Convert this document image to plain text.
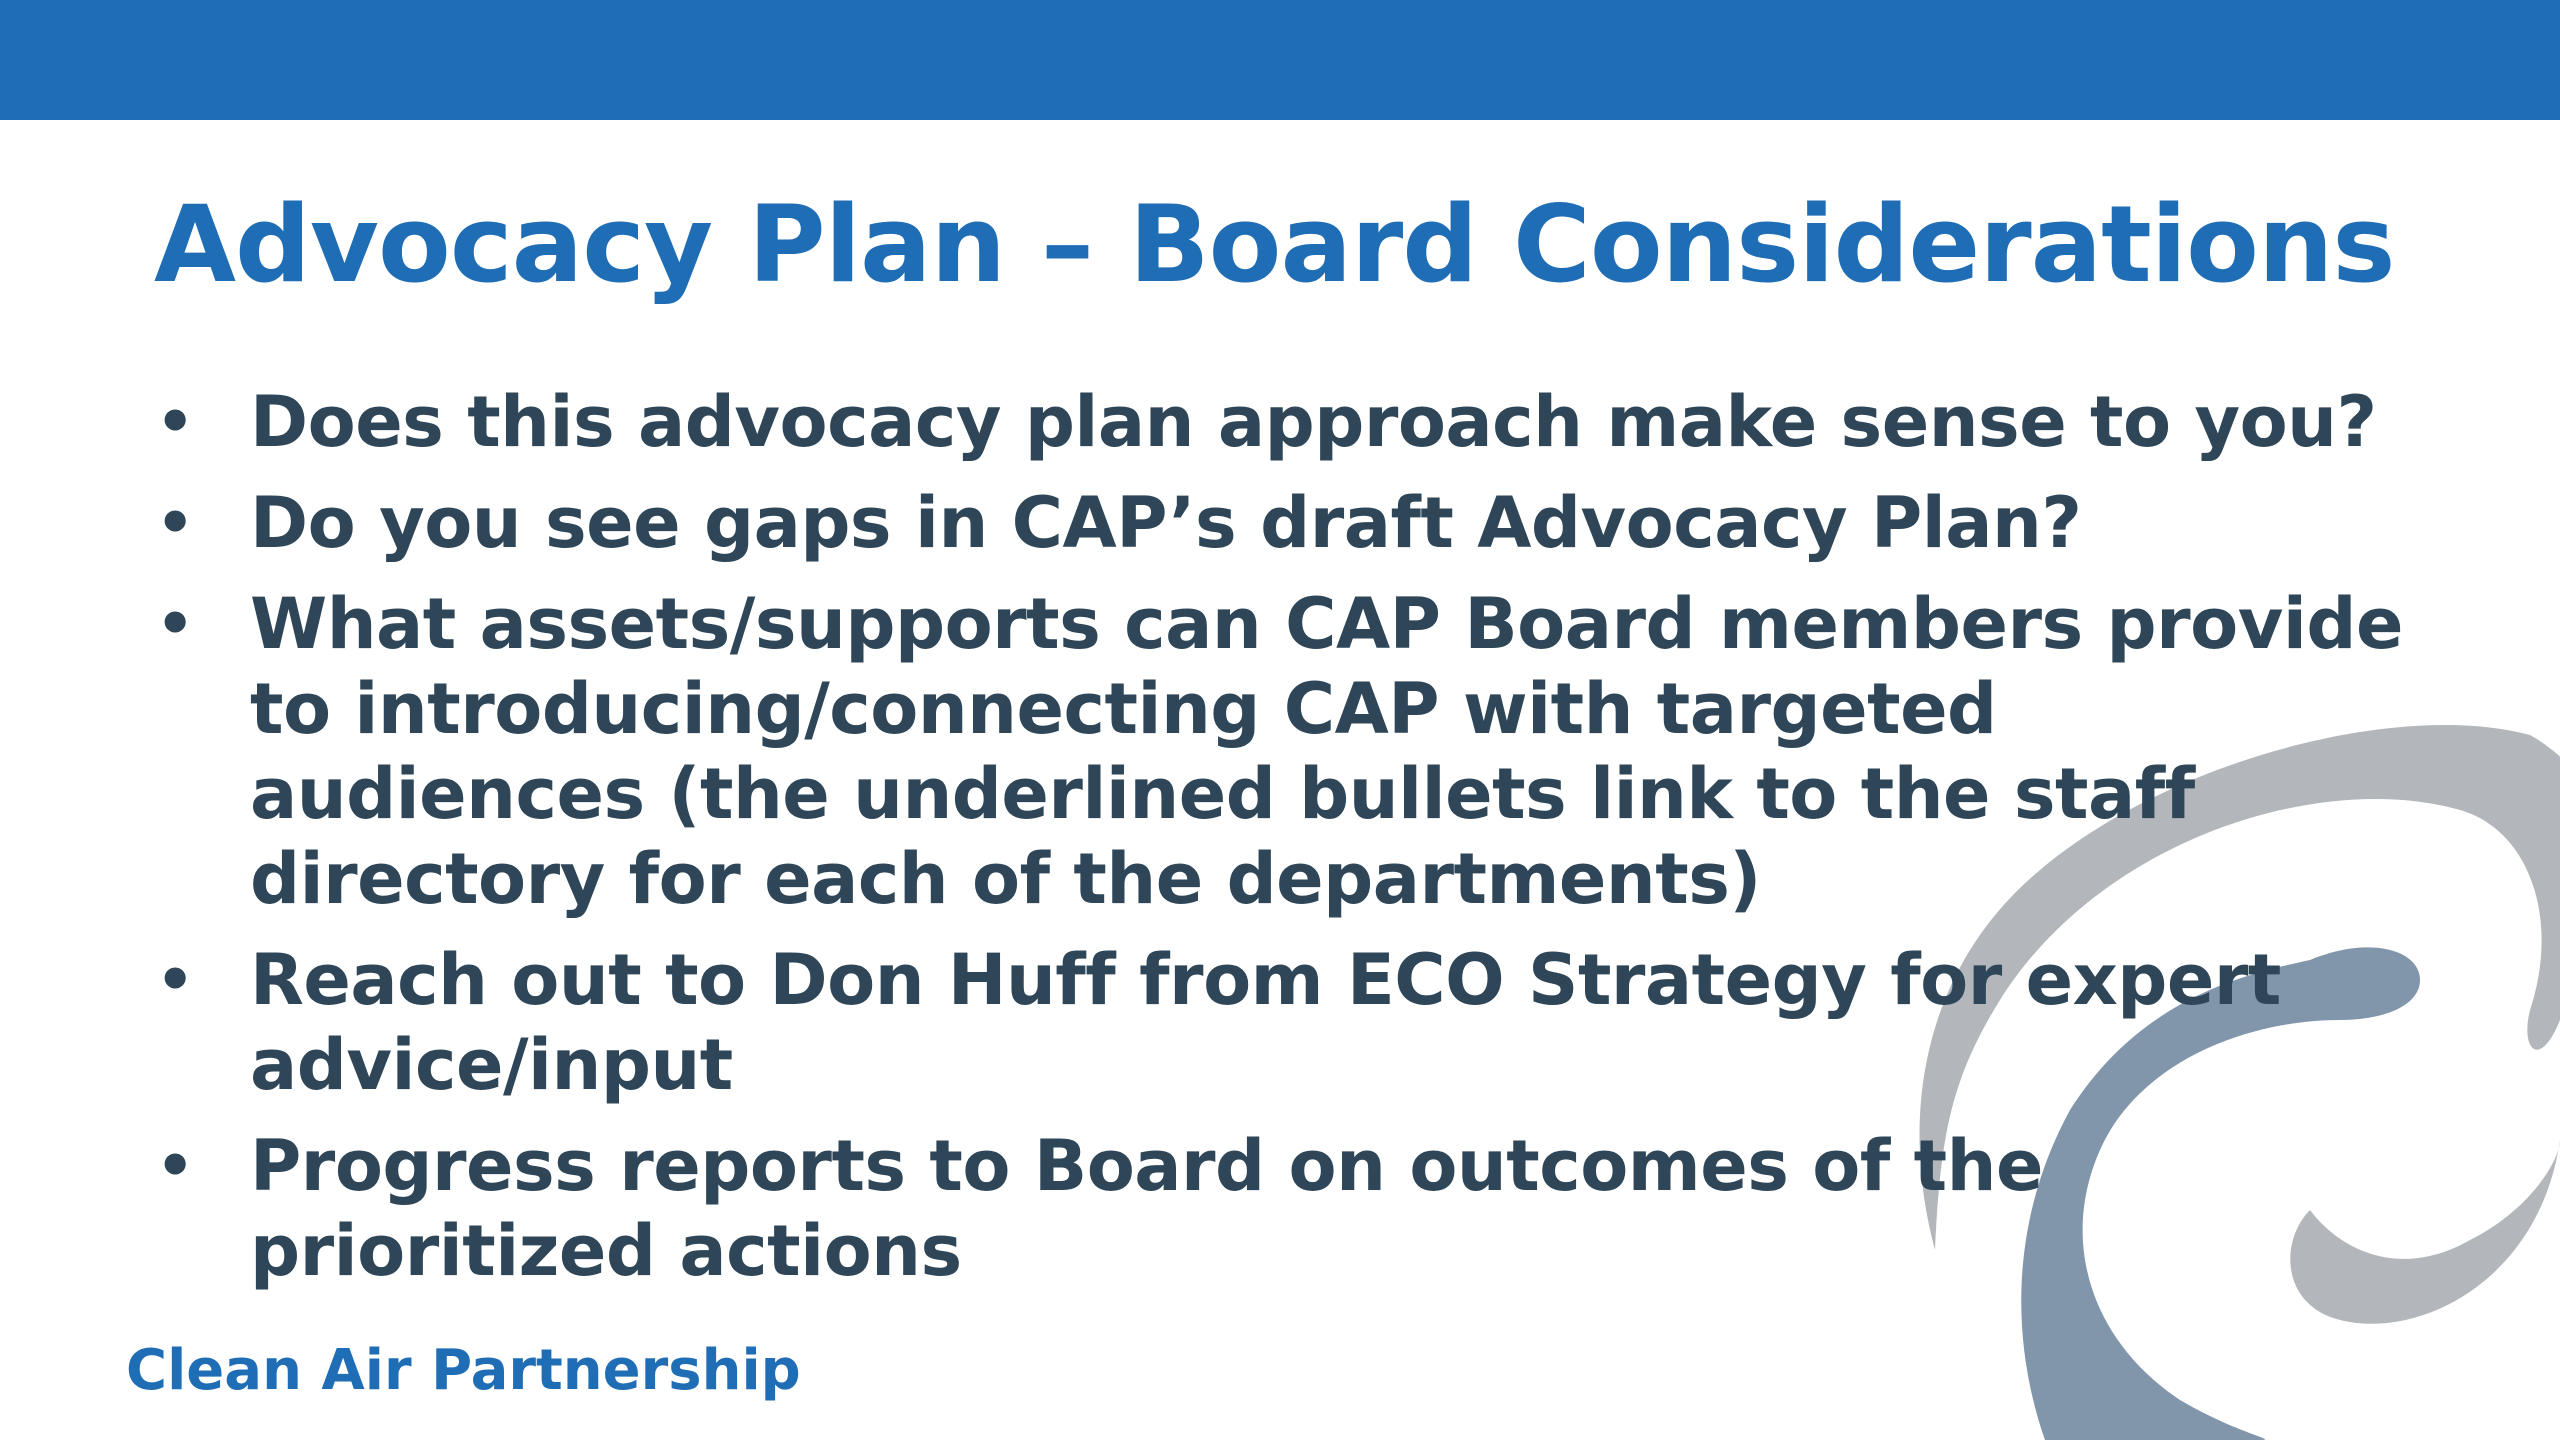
Advocacy Plan – Board Considerations
• Does this advocacy plan approach make sense to you?
• Do you see gaps in CAP’s draft Advocacy Plan?
• What assets/supports can CAP Board members provide to introducing/connecting CAP with targeted audiences (the underlined bullets link to the staff directory for each of the departments)
• Reach out to Don Huff from ECO Strategy for expert advice/input
• Progress reports to Board on outcomes of the prioritized actions
Clean Air Partnership
